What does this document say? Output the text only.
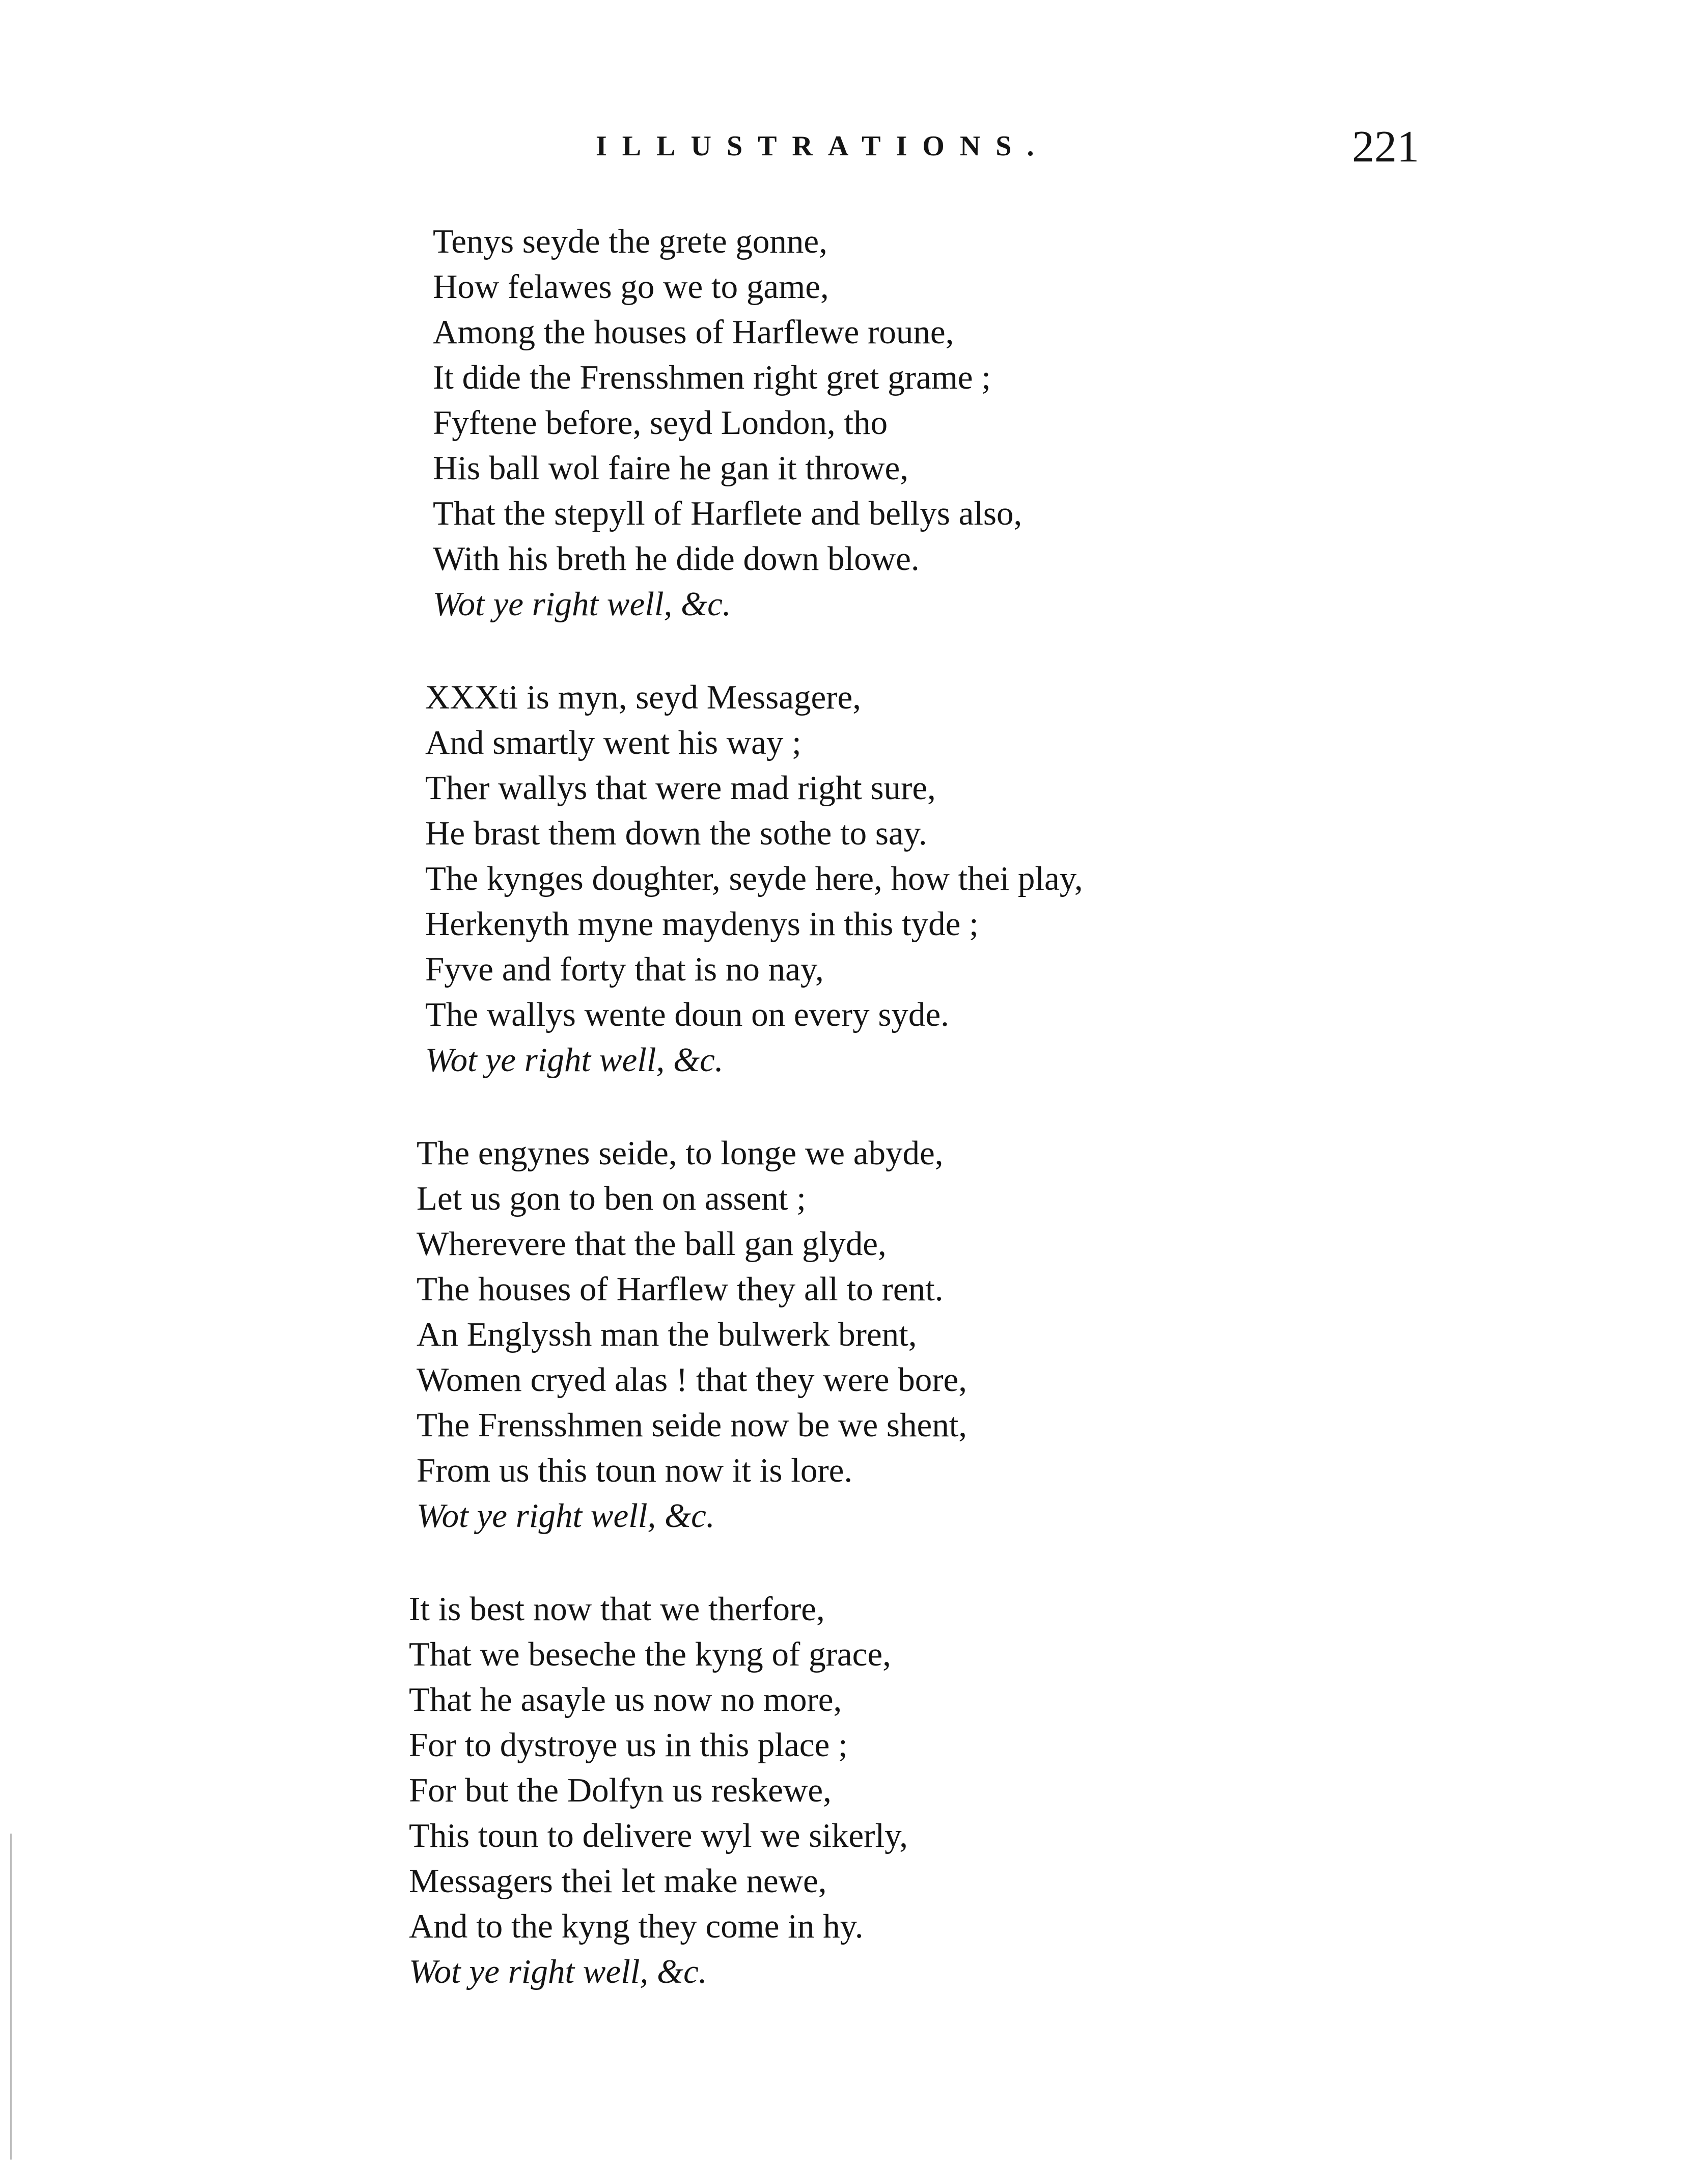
ILLUSTRATIONS.	221
Tenys seyde the grete gonne,
How felawes go we to game,
Among the houses of Harflewe roune,
It dide the Frensshmen right gret grame ;
Fyftene before, seyd London, tho
His ball wol faire he gan it throwe,
That the stepyll of Harflete and bellys also,
With his breth he dide down blowe.
Wot ye right well, &c.
XXXti is myn, seyd Messagere,
And smartly went his way ;
Ther wallys that were mad right sure,
He brast them down the sothe to say.
The kynges doughter, seyde here, how thei play,
Herkenyth myne maydenys in this tyde ;
Fyve and forty that is no nay,
The wallys wente doun on every syde.
Wot ye right well, &c.
The engynes seide, to longe we abyde,
Let us gon to ben on assent ;
Wherevere that the ball gan glyde,
The houses of Harflew they all to rent.
An Englyssh man the bulwerk brent,
Women cryed alas ! that they were bore,
The Frensshmen seide now be we shent,
From us this toun now it is lore.
Wot ye right well, &c.
It is best now that we therfore,
That we beseche the kyng of grace,
That he asayle us now no more,
For to dystroye us in this place ;
For but the Dolfyn us reskewe,
This toun to delivere wyl we sikerly,
Messagers thei let make newe,
And to the kyng they come in hy.
Wot ye right well, &c.
